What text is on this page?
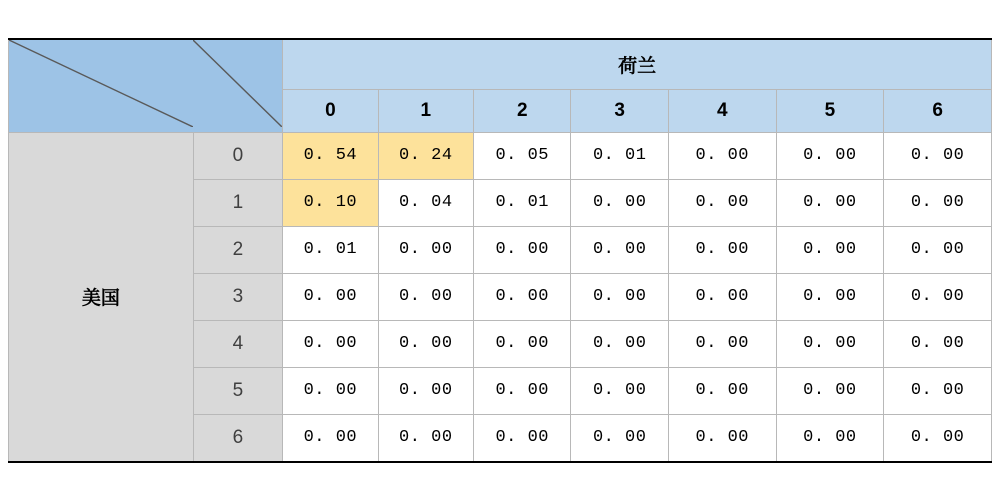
		荷兰						
		0	1	2	3	4	5	6
美国	0	0. 54	0. 24	0. 05	0. 01	0. 00	0. 00	0. 00
	1	0. 10	0. 04	0. 01	0. 00	0. 00	0. 00	0. 00
	2	0. 01	0. 00	0. 00	0. 00	0. 00	0. 00	0. 00
	3	0. 00	0. 00	0. 00	0. 00	0. 00	0. 00	0. 00
	4	0. 00	0. 00	0. 00	0. 00	0. 00	0. 00	0. 00
	5	0. 00	0. 00	0. 00	0. 00	0. 00	0. 00	0. 00
	6	0. 00	0. 00	0. 00	0. 00	0. 00	0. 00	0. 00
